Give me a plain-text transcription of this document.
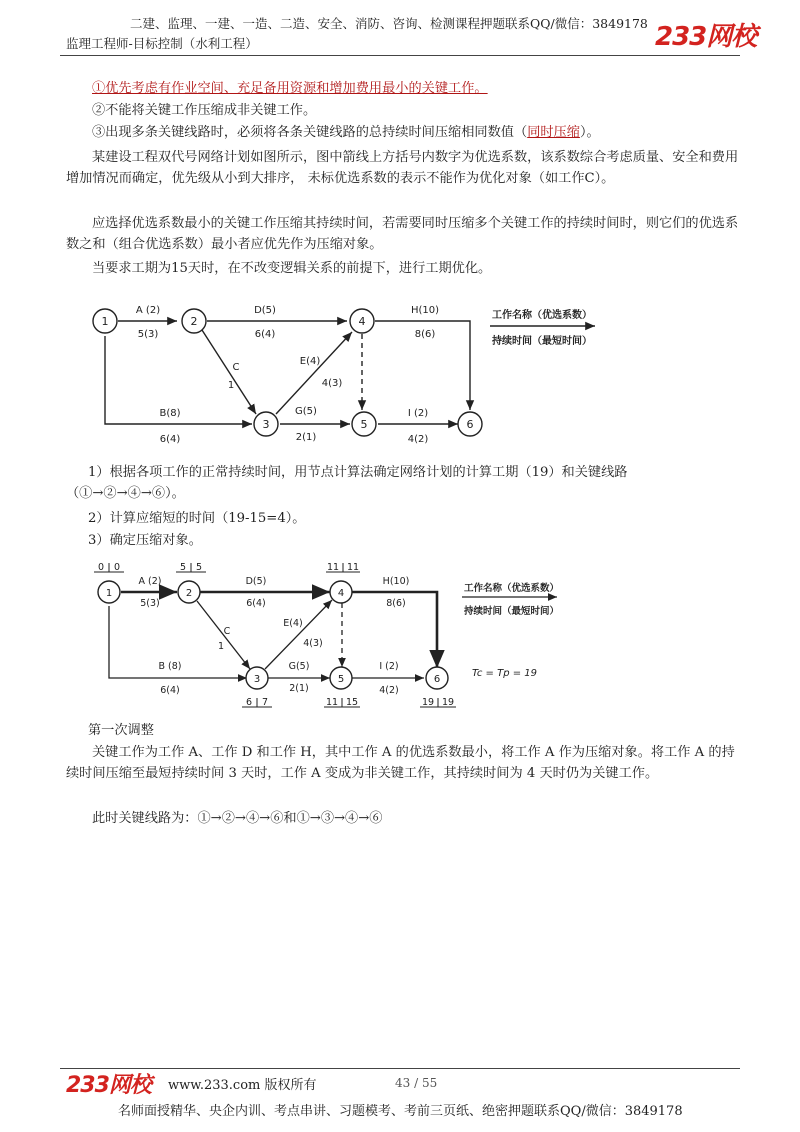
二建、监理、一建、一造、二造、安全、消防、咨询、检测课程押题联系QQ/微信：3849178
监理工程师-目标控制（水利工程）	233网校
①优先考虑有作业空间、充足备用资源和增加费用最小的关键工作。
②不能将关键工作压缩成非关键工作。
③出现多条关键线路时，必须将各条关键线路的总持续时间压缩相同数值（同时压缩）。
某建设工程双代号网络计划如图所示，图中箭线上方括号内数字为优选系数，该系数综合考虑质量、安全和费用增加情况而确定，优先级从小到大排序， 未标优选系数的表示不能作为优化对象（如工作C）。
应选择优选系数最小的关键工作压缩其持续时间，若需要同时压缩多个关键工作的持续时间时，则它们的优选系数之和（组合优选系数）最小者应优先作为压缩对象。
当要求工期为15天时，在不改变逻辑关系的前提下，进行工期优化。
1	2
3
4
5	6
A (2)
5(3)
D(5)
6(4)
H(10)
8(6)
C
1
E(4)
4(3)
B(8)
6(4)
G(5)
2(1)
I (2)
4(2)
工作名称（优选系数）
持续时间（最短时间）
1）根据各项工作的正常持续时间，用节点计算法确定网络计划的计算工期（19）和关键线路（①→②→④→⑥）。
2）计算应缩短的时间（19-15=4）。
3）确定压缩对象。
1	2
3
4
5	6
A (2)
5(3)
D(5)
6(4)
H(10)
8(6)
C
1
E(4)
4(3)
B (8)
6(4)
G(5)
2(1)
I (2)
4(2)
0 0	5 5	11 11
6 7	11 15	19 19
工作名称（优选系数）
持续时间（最短时间）
Tc = Tp = 19
第一次调整
关键工作为工作 A、工作 D 和工作 H，其中工作 A 的优选系数最小，将工作 A 作为压缩对象。将工作 A 的持续时间压缩至最短持续时间 3 天时，工作 A 变成为非关键工作，其持续时间为 4 天时仍为关键工作。
此时关键线路为：①→②→④→⑥和①→③→④→⑥
233网校 www.233.com 版权所有	43 / 55
名师面授精华、央企内训、考点串讲、习题模考、考前三页纸、绝密押题联系QQ/微信：3849178
